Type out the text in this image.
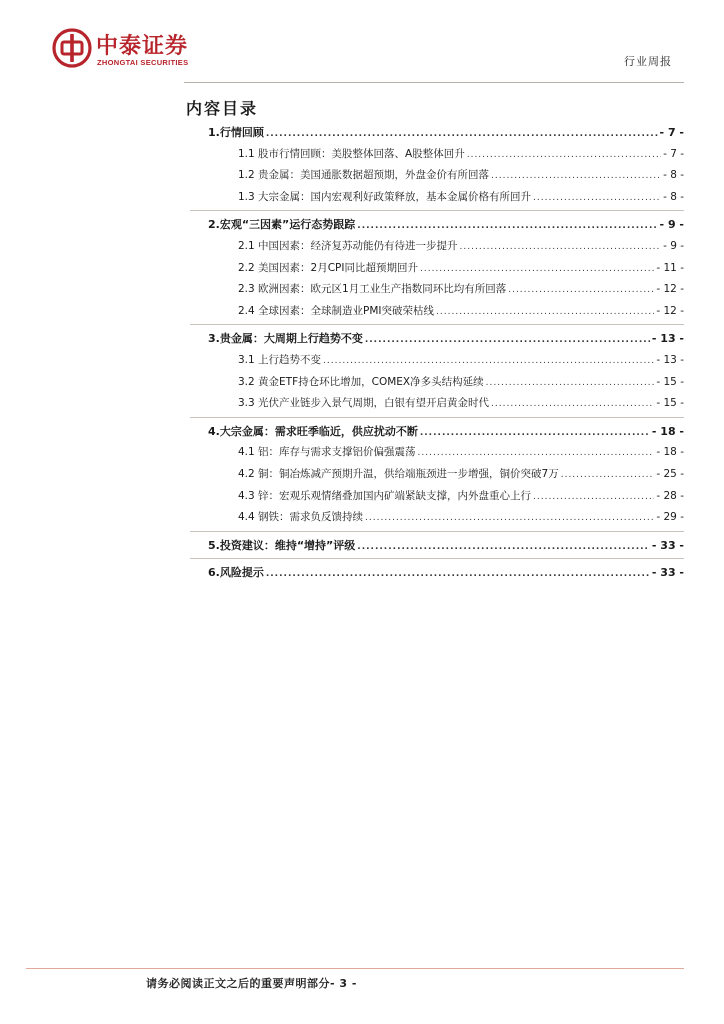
中泰证券
ZHONGTAI SECURITIES	行业周报
内容目录
1.行情回顾 .....	- 7 -
1.1 股市行情回顾：美股整体回落、A股整体回升 .....	- 7 -
1.2 贵金属：美国通胀数据超预期，外盘金价有所回落 .....	- 8 -
1.3 大宗金属：国内宏观利好政策释放，基本金属价格有所回升 .....	- 8 -
2.宏观“三因素”运行态势跟踪 .....	- 9 -
2.1 中国因素：经济复苏动能仍有待进一步提升 .....	- 9 -
2.2 美国因素：2月CPI同比超预期回升 .....	- 11 -
2.3 欧洲因素：欧元区1月工业生产指数同环比均有所回落 .....	- 12 -
2.4 全球因素：全球制造业PMI突破荣枯线 .....	- 12 -
3.贵金属：大周期上行趋势不变 .....	- 13 -
3.1 上行趋势不变 .....	- 13 -
3.2 黄金ETF持仓环比增加，COMEX净多头结构延续 .....	- 15 -
3.3 光伏产业链步入景气周期，白银有望开启黄金时代 .....	- 15 -
4.大宗金属：需求旺季临近，供应扰动不断 .....	- 18 -
4.1 铝：库存与需求支撑铝价偏强震荡 .....	- 18 -
4.2 铜：铜冶炼减产预期升温，供给端瓶颈进一步增强，铜价突破7万 .....	- 25 -
4.3 锌：宏观乐观情绪叠加国内矿端紧缺支撑，内外盘重心上行 .....	- 28 -
4.4 钢铁：需求负反馈持续 .....	- 29 -
5.投资建议：维持“增持”评级 .....	- 33 -
6.风险提示 .....	- 33 -
请务必阅读正文之后的重要声明部分- 3 -
